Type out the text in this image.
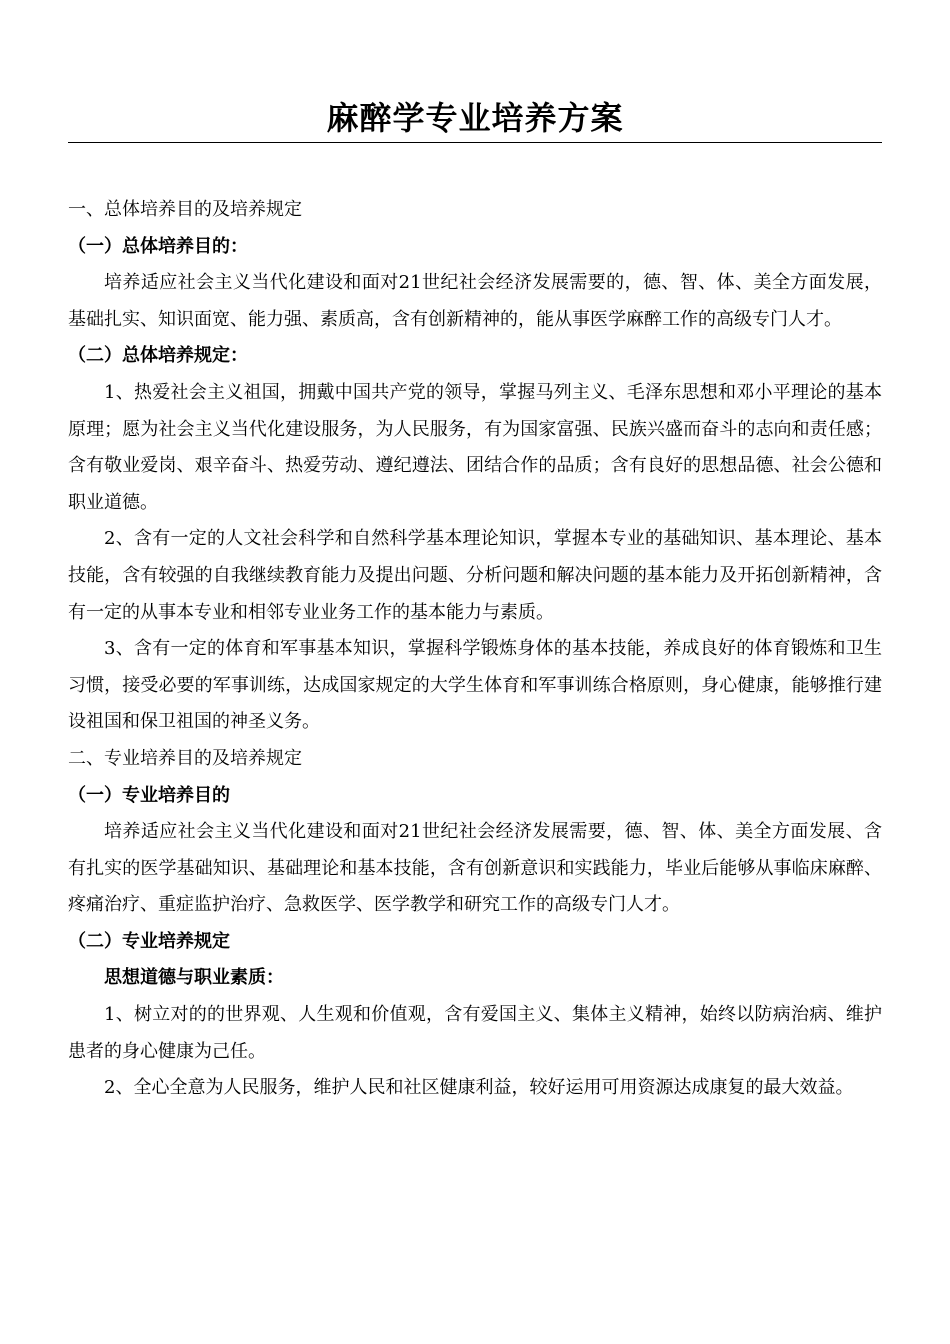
麻醉学专业培养方案

一、总体培养目的及培养规定

（一）总体培养目的：

培养适应社会主义当代化建设和面对21世纪社会经济发展需要的，德、智、体、美全方面发展，基础扎实、知识面宽、能力强、素质高，含有创新精神的，能从事医学麻醉工作的高级专门人才。

（二）总体培养规定：

1、热爱社会主义祖国，拥戴中国共产党的领导，掌握马列主义、毛泽东思想和邓小平理论的基本原理；愿为社会主义当代化建设服务，为人民服务，有为国家富强、民族兴盛而奋斗的志向和责任感；含有敬业爱岗、艰辛奋斗、热爱劳动、遵纪遵法、团结合作的品质；含有良好的思想品德、社会公德和职业道德。

2、含有一定的人文社会科学和自然科学基本理论知识，掌握本专业的基础知识、基本理论、基本技能，含有较强的自我继续教育能力及提出问题、分析问题和解决问题的基本能力及开拓创新精神，含有一定的从事本专业和相邻专业业务工作的基本能力与素质。

3、含有一定的体育和军事基本知识，掌握科学锻炼身体的基本技能，养成良好的体育锻炼和卫生习惯，接受必要的军事训练，达成国家规定的大学生体育和军事训练合格原则，身心健康，能够推行建设祖国和保卫祖国的神圣义务。

二、专业培养目的及培养规定

（一）专业培养目的

培养适应社会主义当代化建设和面对21世纪社会经济发展需要，德、智、体、美全方面发展、含有扎实的医学基础知识、基础理论和基本技能，含有创新意识和实践能力，毕业后能够从事临床麻醉、疼痛治疗、重症监护治疗、急救医学、医学教学和研究工作的高级专门人才。

（二）专业培养规定

思想道德与职业素质：

1、树立对的的世界观、人生观和价值观，含有爱国主义、集体主义精神，始终以防病治病、维护患者的身心健康为己任。

2、全心全意为人民服务，维护人民和社区健康利益，较好运用可用资源达成康复的最大效益。
